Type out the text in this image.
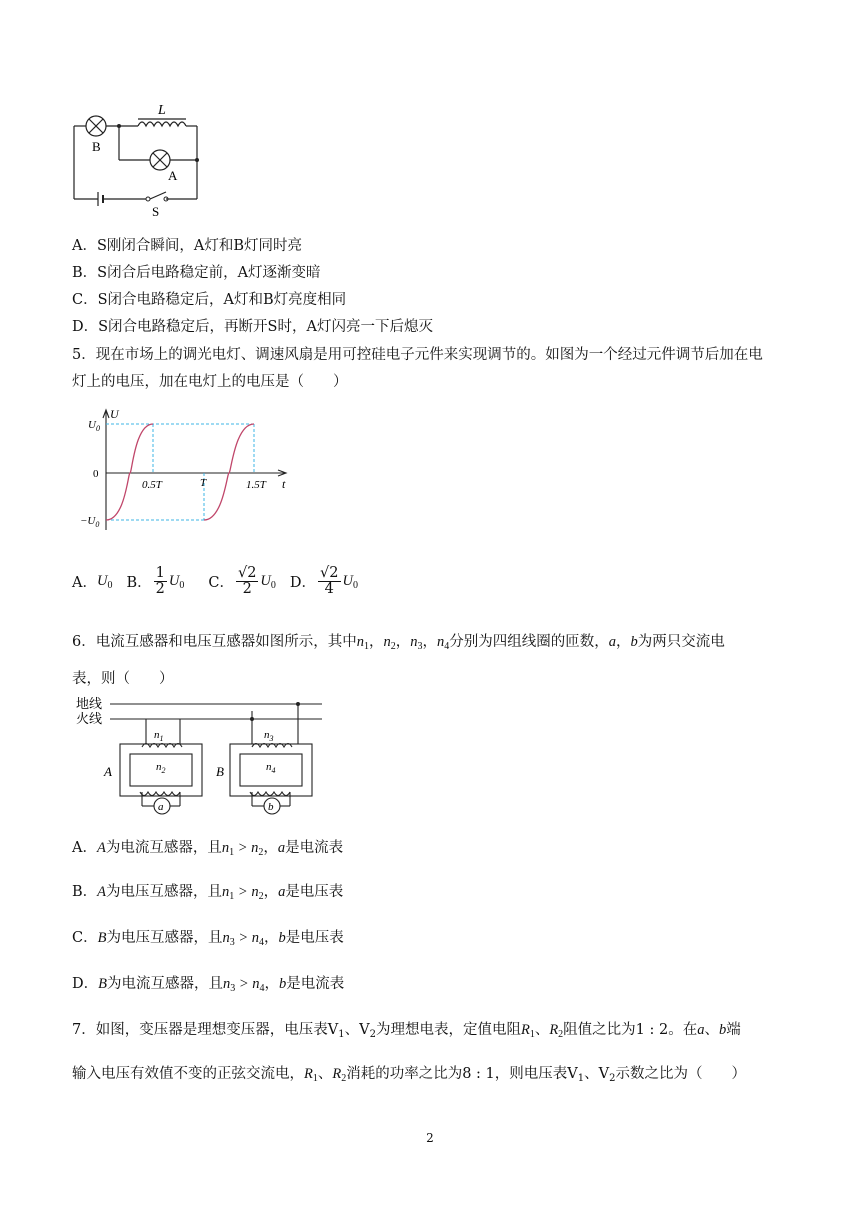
L
B
A
S
A．S刚闭合瞬间，A灯和B灯同时亮
B．S闭合后电路稳定前，A灯逐渐变暗
C．S闭合电路稳定后，A灯和B灯亮度相同
D．S闭合电路稳定后，再断开S时，A灯闪亮一下后熄灭
5．现在市场上的调光电灯、调速风扇是用可控硅电子元件来实现调节的。如图为一个经过元件调节后加在电
灯上的电压，加在电灯上的电压是（　　）
U
t
$U_0$
$-U_0$
0
0.5T	T	1.5T
A． $U_0$ B． $\frac{1}{2} U_0$ C． $\frac{√2}{2} U_0$ D． $\frac{√2}{4} U_0$
6．电流互感器和电压互感器如图所示，其中$n_1$，$n_2$，$n_3$，$n_4$分别为四组线圈的匝数，a，b为两只交流电
表，则（　　）
地线
火线
A	B
$n_1$
$n_2$
$n_3$
$n_4$
a	b
A．A为电流互感器，且$n_1 > n_2$，a是电流表
B．A为电压互感器，且$n_1 > n_2$，a是电压表
C．B为电压互感器，且$n_3 > n_4$，b是电压表
D．B为电流互感器，且$n_3 > n_4$，b是电流表
7．如图，变压器是理想变压器，电压表$V_1$、$V_2$为理想电表，定值电阻$R_1$、$R_2$阻值之比为1 : 2。在a、b端
输入电压有效值不变的正弦交流电，$R_1$、$R_2$消耗的功率之比为8 : 1，则电压表$V_1$、$V_2$示数之比为（　　）
2
